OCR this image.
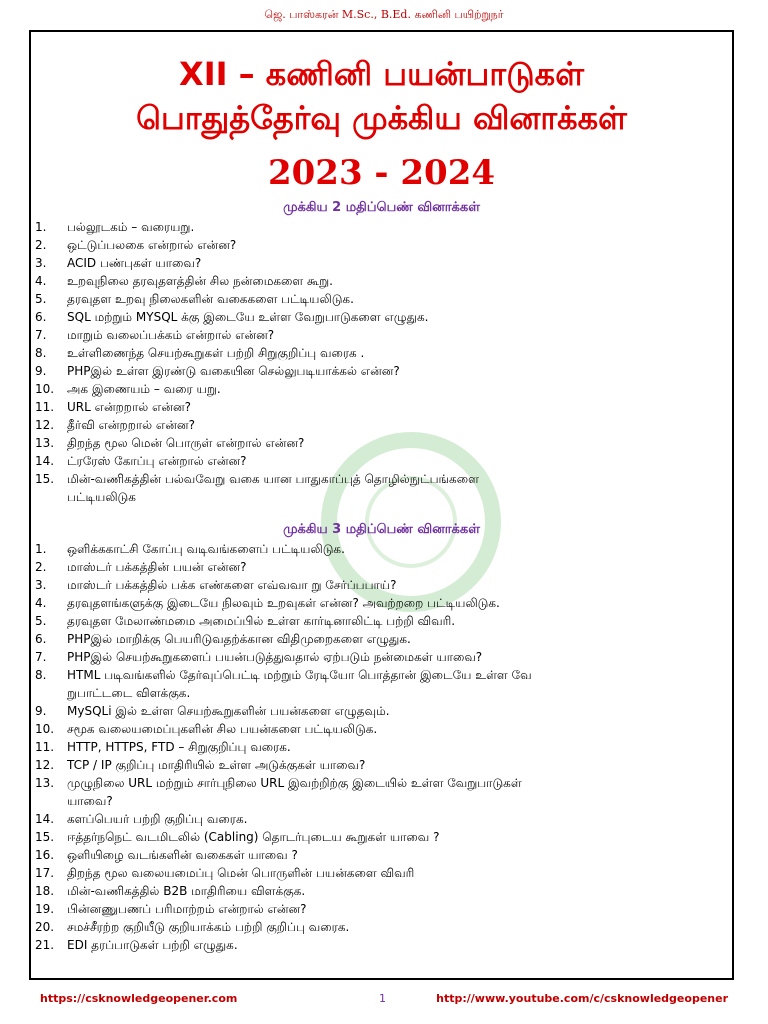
ஜெ. பாஸ்கரன் M.Sc., B.Ed. கணினி பயிற்றுநர்
XII – கணினி பயன்பாடுகள்
பொதுத்தேர்வு முக்கிய வினாக்கள்
2023 - 2024
முக்கிய 2 மதிப்பெண் வினாக்கள்
1. பல்லூடகம் – வரையறு.
2. ஒட்டுப்பலகை என்றால் என்ன?
3. ACID பண்புகள் யாவை?
4. உறவுநிலை தரவுதளத்தின் சில நன்மைகளை கூறு.
5. தரவுதள உறவு நிலைகளின் வகைகளை பட்டியலிடுக.
6. SQL மற்றும் MYSQL க்கு இடையே உள்ள வேறுபாடுகளை எழுதுக.
7. மாறும் வலைப்பக்கம் என்றால் என்ன?
8. உள்ளிணைந்த செயற்கூறுகள் பற்றி சிறுகுறிப்பு வரைக .
9. PHPஇல் உள்ள இரண்டு வகையின செல்லுபடியாக்கல் என்ன?
10. அக இணையம் – வரை யறு.
11. URL என்றறால் என்ன?
12. தீர்வி என்றறால் என்ன?
13. திறந்த மூல மென் பொருள் என்றால் என்ன?
14. ட்ரரேஸ் கோப்பு என்றால் என்ன?
15. மின்-வணிகத்தின் பல்வவேறு வகை யான பாதுகாப்புத் தொழில்நுட்பங்களை
பட்டியலிடுக
முக்கிய 3 மதிப்பெண் வினாக்கள்
1. ஒளிக்ககாட்சி கோப்பு வடிவங்களைப் பட்டியலிடுக.
2. மாஸ்டர் பக்கத்தின் பயன் என்ன?
3. மாஸ்டர் பக்கத்தில் பக்க எண்களை எவ்வவா று சேர்ப்பபாய்?
4. தரவுதளங்களுக்கு இடையே நிலவும் உறவுகள் என்ன? அவற்றறை பட்டியலிடுக.
5. தரவுதள மேலாண்மமை அமைப்பில் உள்ள கார்டினாலிட்டி பற்றி விவரி.
6. PHPஇல் மாறிக்கு பெயரிடுவதற்க்கான விதிமுறைகளை எழுதுக.
7. PHPஇல் செயற்கூறுகளைப் பயன்படுத்துவதால் ஏற்படும் நன்மைகள் யாவை?
8. HTML படிவங்களில் தேர்வுப்பெட்டி மற்றும் ரேடியோ பொத்தான் இடையே உள்ள வே
றுபாட்டடை விளக்குக.
9. MySQLi இல் உள்ள செயற்கூறுகளின் பயன்களை எழுதவும்.
10. சமூக வலையமைப்புகளின் சில பயன்களை பட்டியலிடுக.
11. HTTP, HTTPS, FTD – சிறுகுறிப்பு வரைக.
12. TCP / IP குறிப்பு மாதிரியில் உள்ள அடுக்குகள் யாவை?
13. முழுநிலை URL மற்றும் சார்புநிலை URL இவற்றிற்கு இடையில் உள்ள வேறுபாடுகள்
யாவை?
14. களப்பெயர் பற்றி குறிப்பு வரைக.
15. ஈத்தர்நநெட் வடமிடலில் (Cabling) தொடர்புடைய கூறுகள் யாவை ?
16. ஒளியிழை வடங்களின் வகைகள் யாவை ?
17. திறந்த மூல வலையமைப்பு மென் பொருளின் பயன்களை விவரி
18. மின்-வணிகத்தில் B2B மாதிரியை விளக்குக.
19. பின்னணுபணப் பரிமாற்றம் என்றால் என்ன?
20. சமச்சீரற்ற குறியீடு குறியாக்கம் பற்றி குறிப்பு வரைக.
21. EDI தரப்பாடுகள் பற்றி எழுதுக.
https://csknowledgeopener.com	1	http://www.youtube.com/c/csknowledgeopener
